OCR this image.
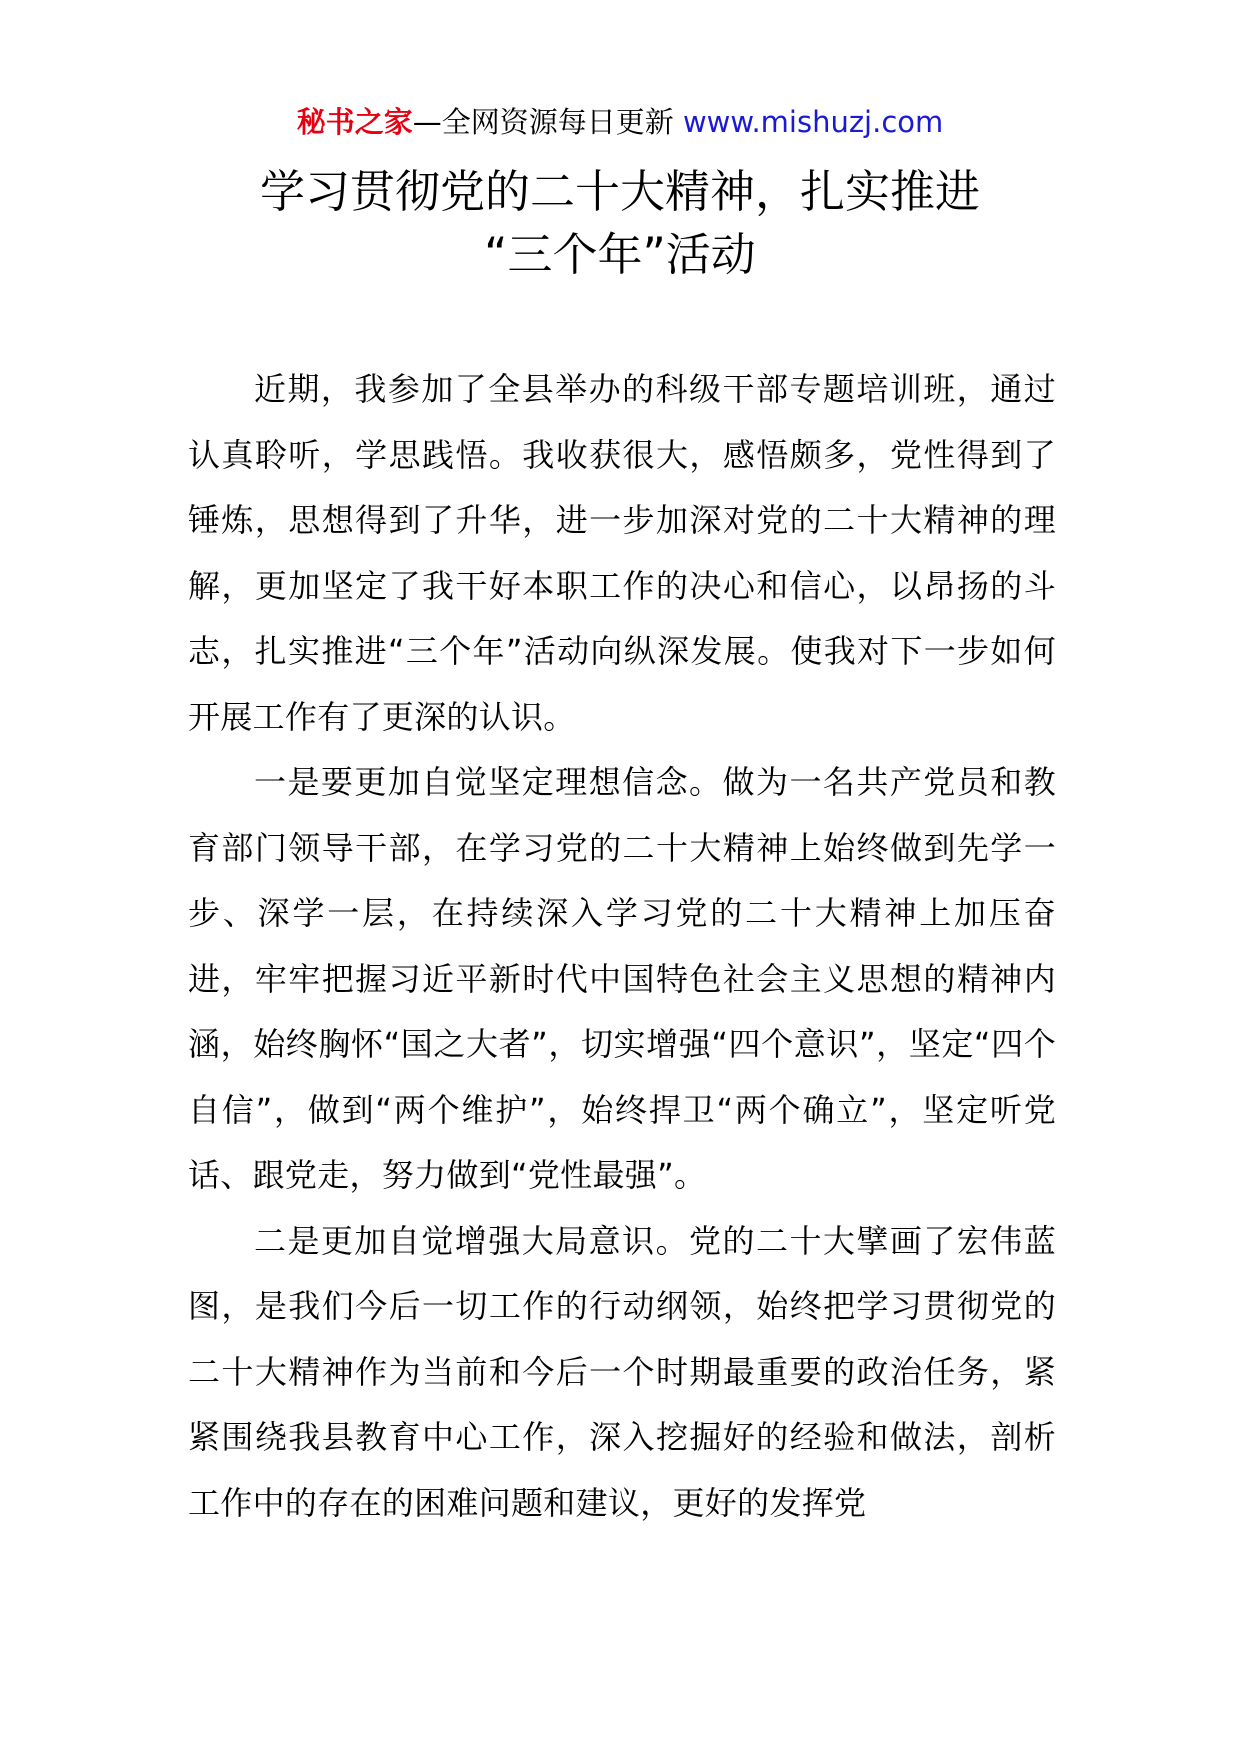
秘书之家—全网资源每日更新 www.mishuzj.com
学习贯彻党的二十大精神，扎实推进
“三个年”活动

近期，我参加了全县举办的科级干部专题培训班，通过认真聆听，学思践悟。我收获很大，感悟颇多，党性得到了锤炼，思想得到了升华，进一步加深对党的二十大精神的理解，更加坚定了我干好本职工作的决心和信心，以昂扬的斗志，扎实推进“三个年”活动向纵深发展。使我对下一步如何开展工作有了更深的认识。

一是要更加自觉坚定理想信念。做为一名共产党员和教育部门领导干部，在学习党的二十大精神上始终做到先学一步、深学一层，在持续深入学习党的二十大精神上加压奋进，牢牢把握习近平新时代中国特色社会主义思想的精神内涵，始终胸怀“国之大者”，切实增强“四个意识”，坚定“四个自信”，做到“两个维护”，始终捍卫“两个确立”，坚定听党话、跟党走，努力做到“党性最强”。

二是更加自觉增强大局意识。党的二十大擘画了宏伟蓝图，是我们今后一切工作的行动纲领，始终把学习贯彻党的二十大精神作为当前和今后一个时期最重要的政治任务，紧紧围绕我县教育中心工作，深入挖掘好的经验和做法，剖析工作中的存在的困难问题和建议，更好的发挥党
